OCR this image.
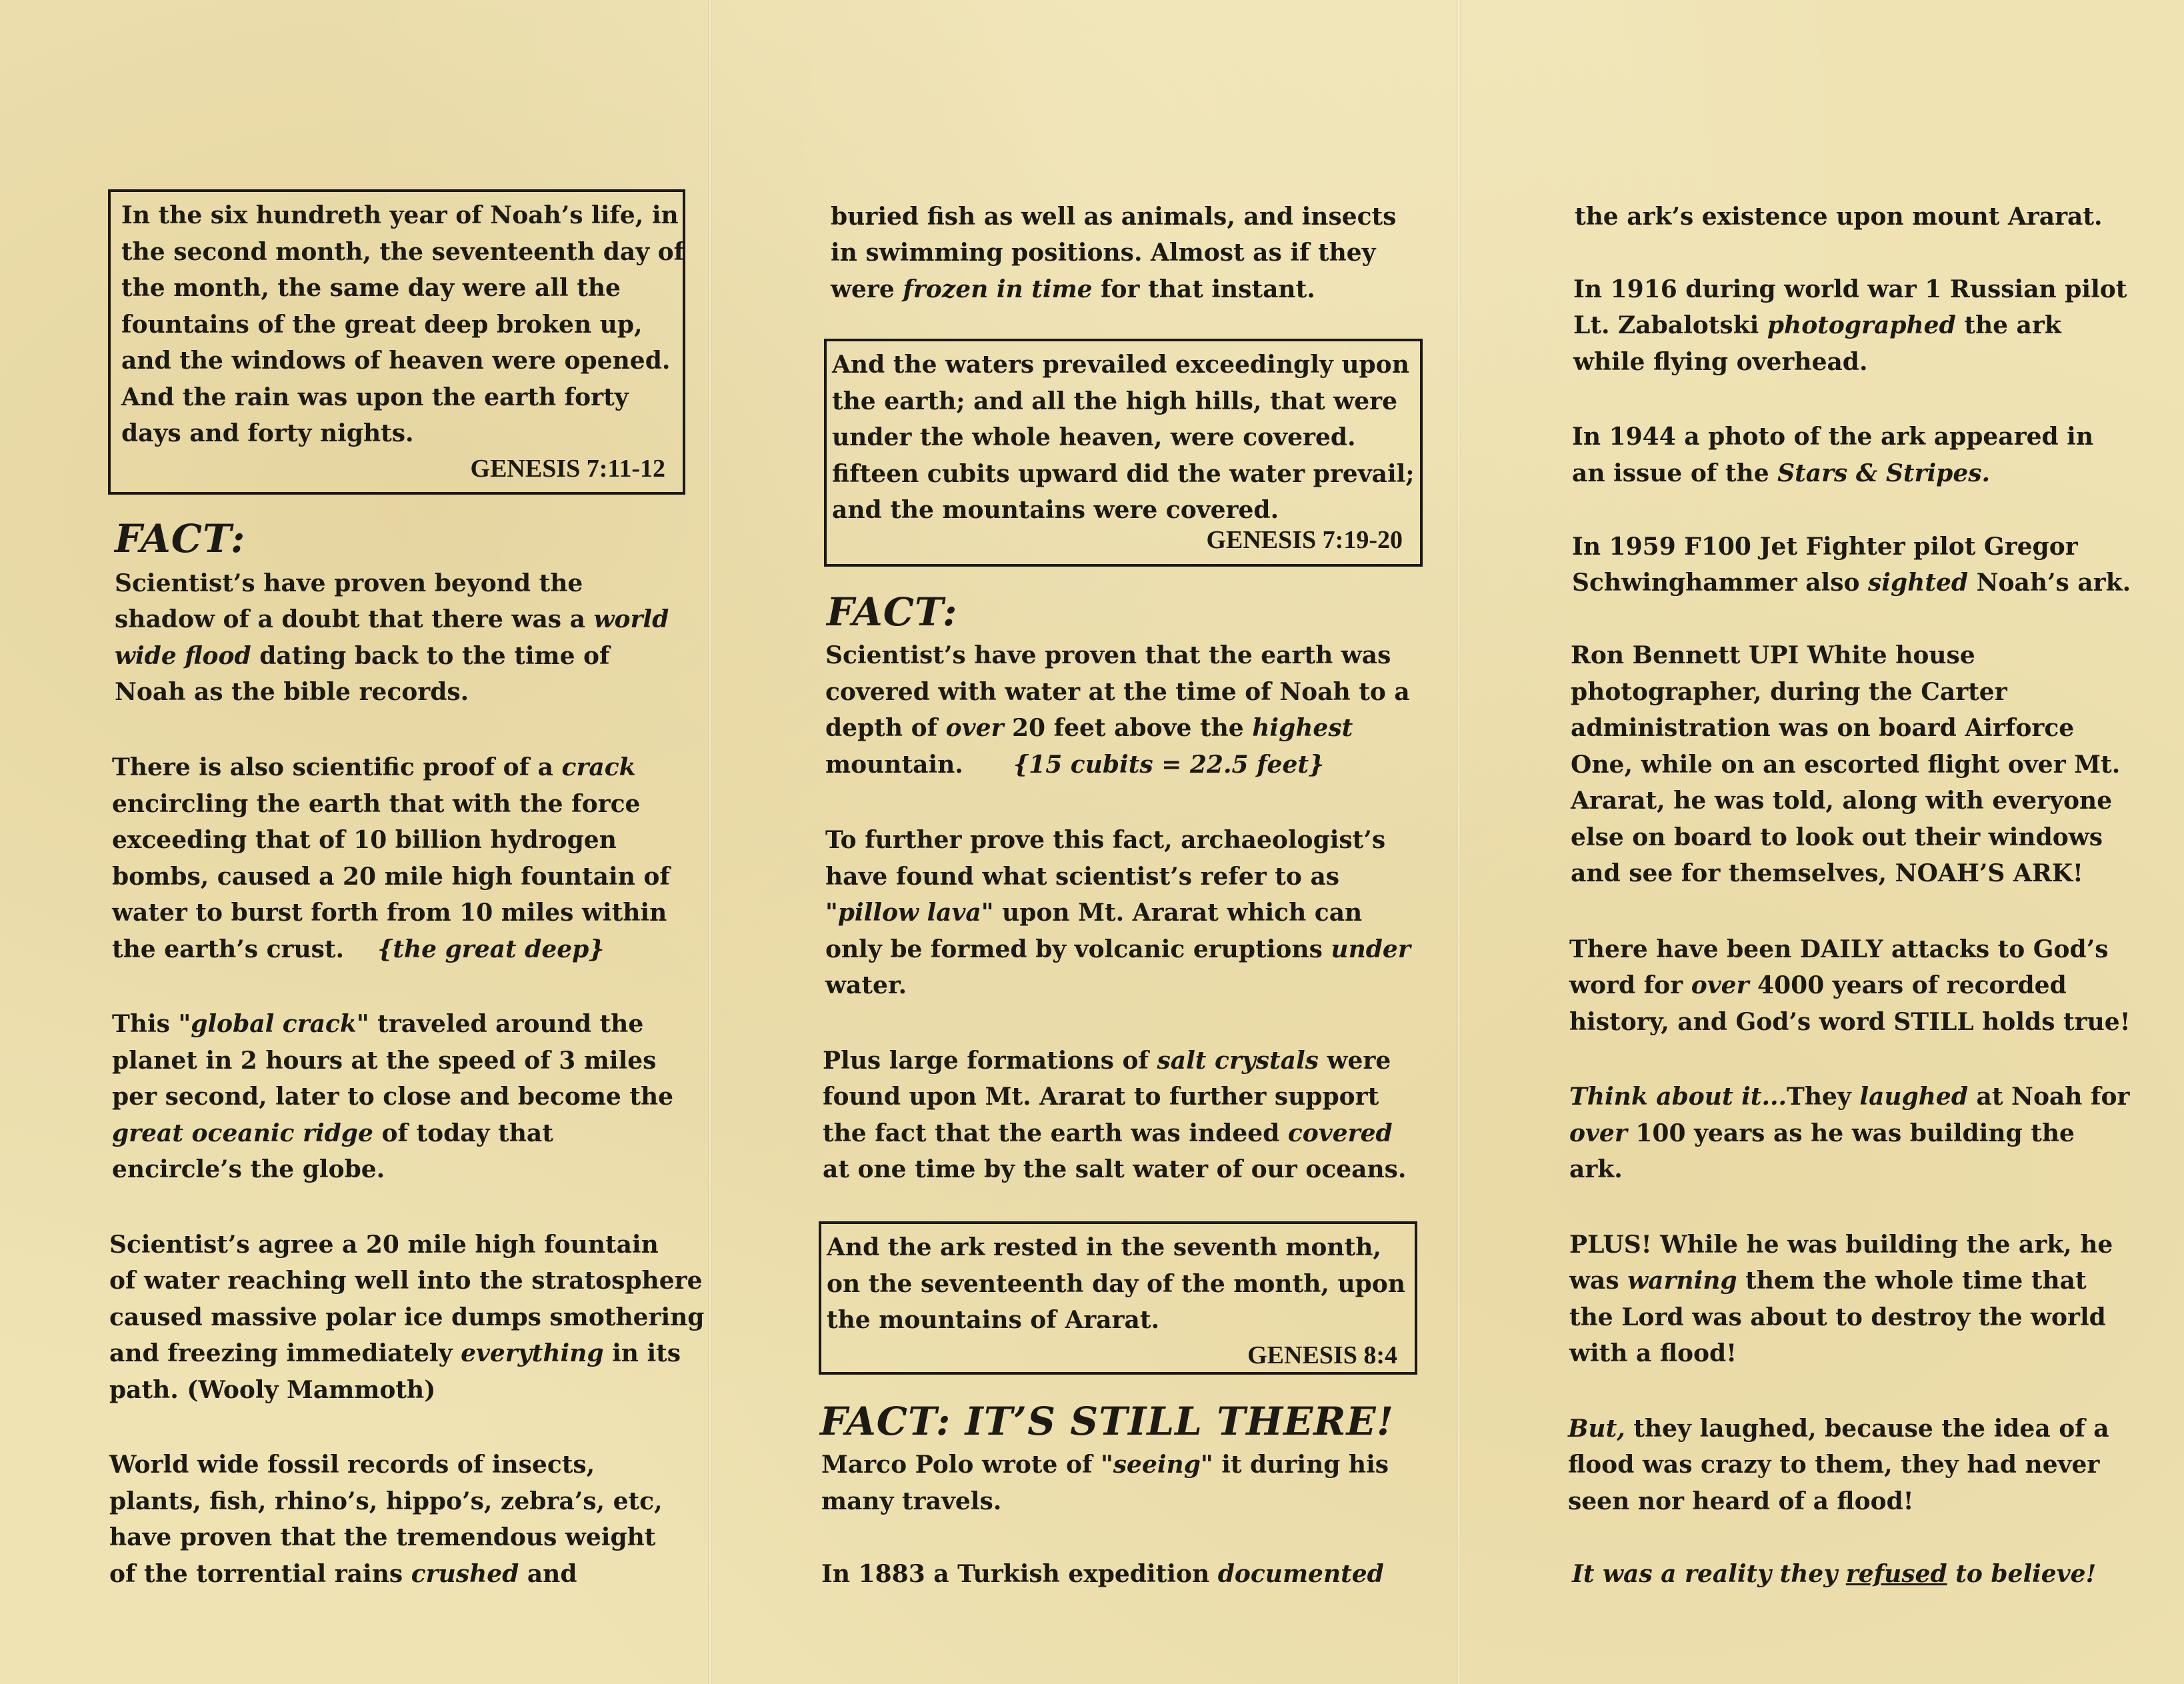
In the six hundreth year of Noah’s life, in
the second month, the seventeenth day of
the month, the same day were all the
fountains of the great deep broken up,
and the windows of heaven were opened.
And the rain was upon the earth forty
days and forty nights.
GENESIS 7:11-12
FACT:
Scientist’s have proven beyond the
shadow of a doubt that there was a world
wide flood dating back to the time of
Noah as the bible records.
There is also scientific proof of a crack
encircling the earth that with the force
exceeding that of 10 billion hydrogen
bombs, caused a 20 mile high fountain of
water to burst forth from 10 miles within
the earth’s crust. {the great deep}
This "global crack" traveled around the
planet in 2 hours at the speed of 3 miles
per second, later to close and become the
great oceanic ridge of today that
encircle’s the globe.
Scientist’s agree a 20 mile high fountain
of water reaching well into the stratosphere
caused massive polar ice dumps smothering
and freezing immediately everything in its
path. (Wooly Mammoth)
World wide fossil records of insects,
plants, fish, rhino’s, hippo’s, zebra’s, etc,
have proven that the tremendous weight
of the torrential rains crushed and
buried fish as well as animals, and insects
in swimming positions. Almost as if they
were frozen in time for that instant.
And the waters prevailed exceedingly upon
the earth; and all the high hills, that were
under the whole heaven, were covered.
fifteen cubits upward did the water prevail;
and the mountains were covered.
GENESIS 7:19-20
FACT:
Scientist’s have proven that the earth was
covered with water at the time of Noah to a
depth of over 20 feet above the highest
mountain. {15 cubits = 22.5 feet}
To further prove this fact, archaeologist’s
have found what scientist’s refer to as
"pillow lava" upon Mt. Ararat which can
only be formed by volcanic eruptions under
water.
Plus large formations of salt crystals were
found upon Mt. Ararat to further support
the fact that the earth was indeed covered
at one time by the salt water of our oceans.
And the ark rested in the seventh month,
on the seventeenth day of the month, upon
the mountains of Ararat.
GENESIS 8:4
FACT: IT’S STILL THERE!
Marco Polo wrote of "seeing" it during his
many travels.
In 1883 a Turkish expedition documented
the ark’s existence upon mount Ararat.
In 1916 during world war 1 Russian pilot
Lt. Zabalotski photographed the ark
while flying overhead.
In 1944 a photo of the ark appeared in
an issue of the Stars & Stripes.
In 1959 F100 Jet Fighter pilot Gregor
Schwinghammer also sighted Noah’s ark.
Ron Bennett UPI White house
photographer, during the Carter
administration was on board Airforce
One, while on an escorted flight over Mt.
Ararat, he was told, along with everyone
else on board to look out their windows
and see for themselves, NOAH’S ARK!
There have been DAILY attacks to God’s
word for over 4000 years of recorded
history, and God’s word STILL holds true!
Think about it...They laughed at Noah for
over 100 years as he was building the
ark.
PLUS! While he was building the ark, he
was warning them the whole time that
the Lord was about to destroy the world
with a flood!
But, they laughed, because the idea of a
flood was crazy to them, they had never
seen nor heard of a flood!
It was a reality they refused to believe!
